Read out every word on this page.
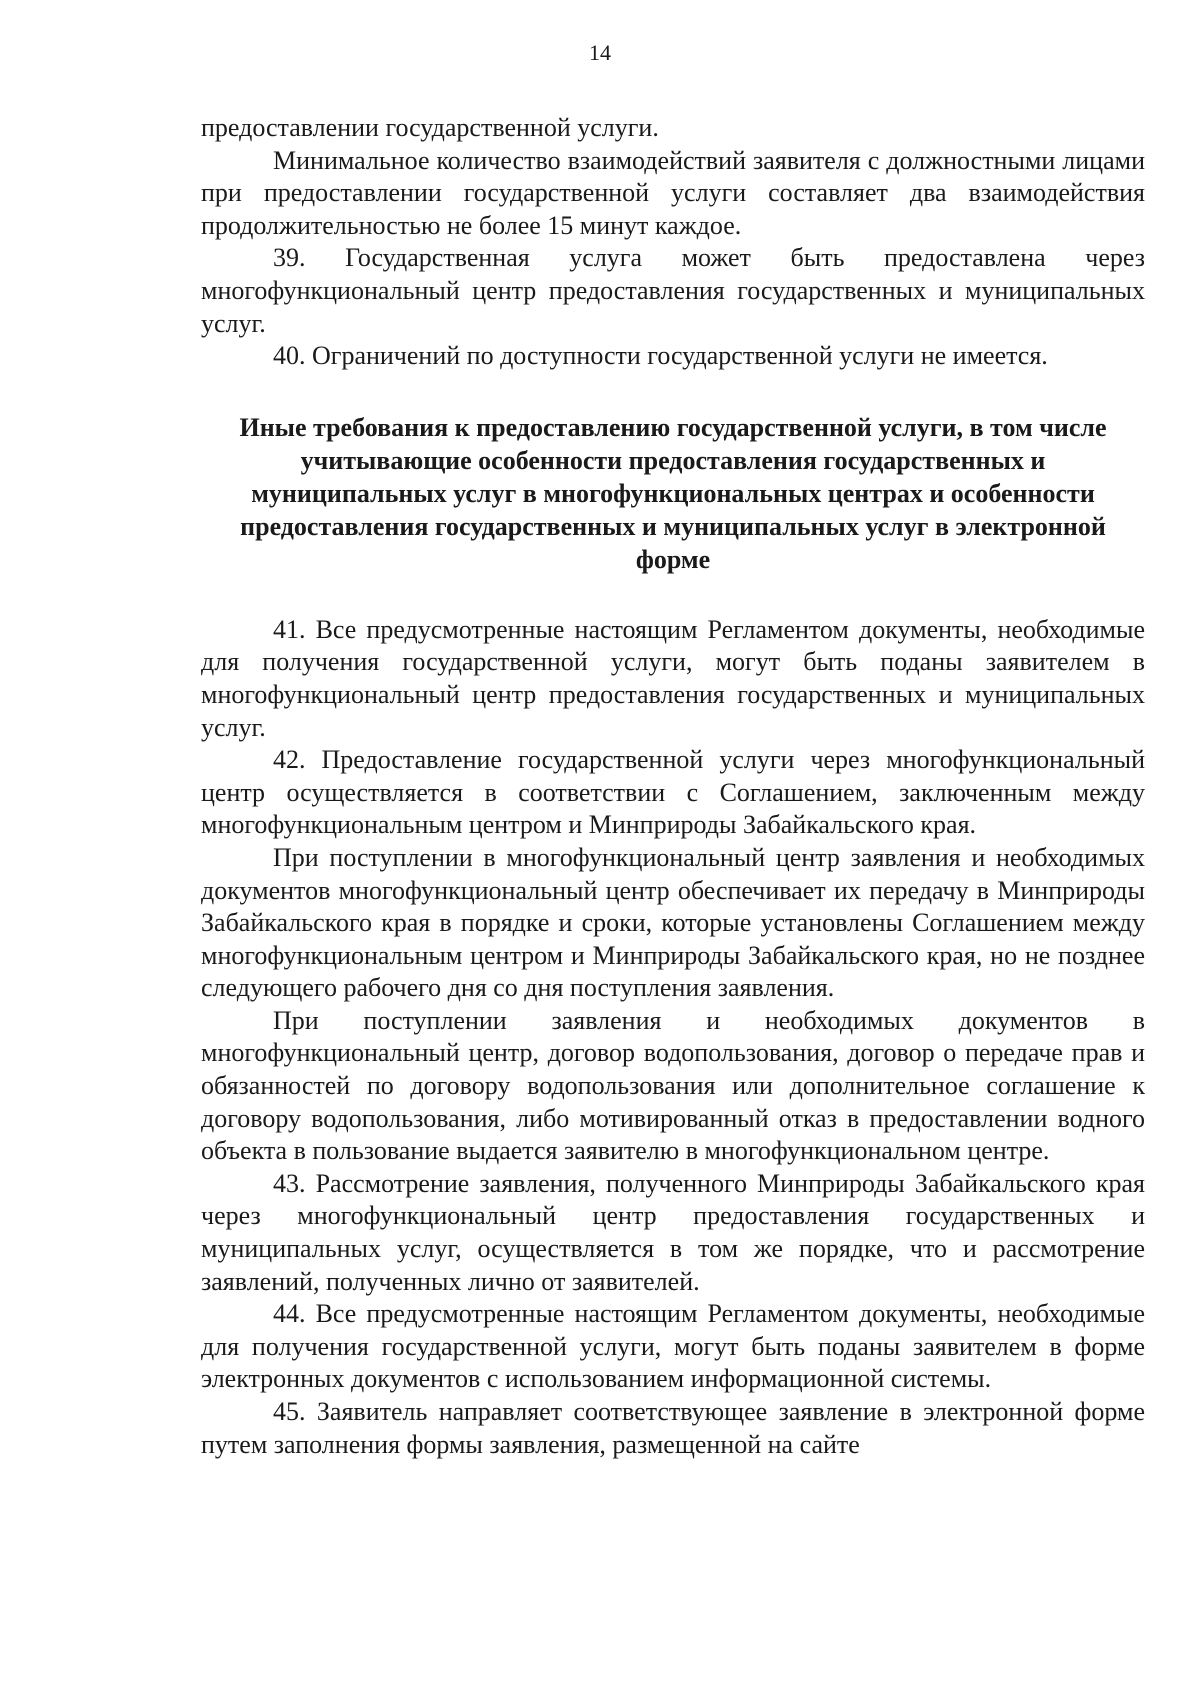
14

предоставлении государственной услуги.

Минимальное количество взаимодействий заявителя с должностными лицами при предоставлении государственной услуги составляет два взаимодействия продолжительностью не более 15 минут каждое.

39. Государственная услуга может быть предоставлена через многофункциональный центр предоставления государственных и муниципальных услуг.

40. Ограничений по доступности государственной услуги не имеется.

Иные требования к предоставлению государственной услуги, в том числе учитывающие особенности предоставления государственных и муниципальных услуг в многофункциональных центрах и особенности предоставления государственных и муниципальных услуг в электронной форме

41. Все предусмотренные настоящим Регламентом документы, необходимые для получения государственной услуги, могут быть поданы заявителем в многофункциональный центр предоставления государственных и муниципальных услуг.

42. Предоставление государственной услуги через многофункциональный центр осуществляется в соответствии с Соглашением, заключенным между многофункциональным центром и Минприроды Забайкальского края.

При поступлении в многофункциональный центр заявления и необходимых документов многофункциональный центр обеспечивает их передачу в Минприроды Забайкальского края в порядке и сроки, которые установлены Соглашением между многофункциональным центром и Минприроды Забайкальского края, но не позднее следующего рабочего дня со дня поступления заявления.

При поступлении заявления и необходимых документов в многофункциональный центр, договор водопользования, договор о передаче прав и обязанностей по договору водопользования или дополнительное соглашение к договору водопользования, либо мотивированный отказ в предоставлении водного объекта в пользование выдается заявителю в многофункциональном центре.

43. Рассмотрение заявления, полученного Минприроды Забайкальского края через многофункциональный центр предоставления государственных и муниципальных услуг, осуществляется в том же порядке, что и рассмотрение заявлений, полученных лично от заявителей.

44. Все предусмотренные настоящим Регламентом документы, необходимые для получения государственной услуги, могут быть поданы заявителем в форме электронных документов с использованием информационной системы.

45. Заявитель направляет соответствующее заявление в электронной форме путем заполнения формы заявления, размещенной на сайте
